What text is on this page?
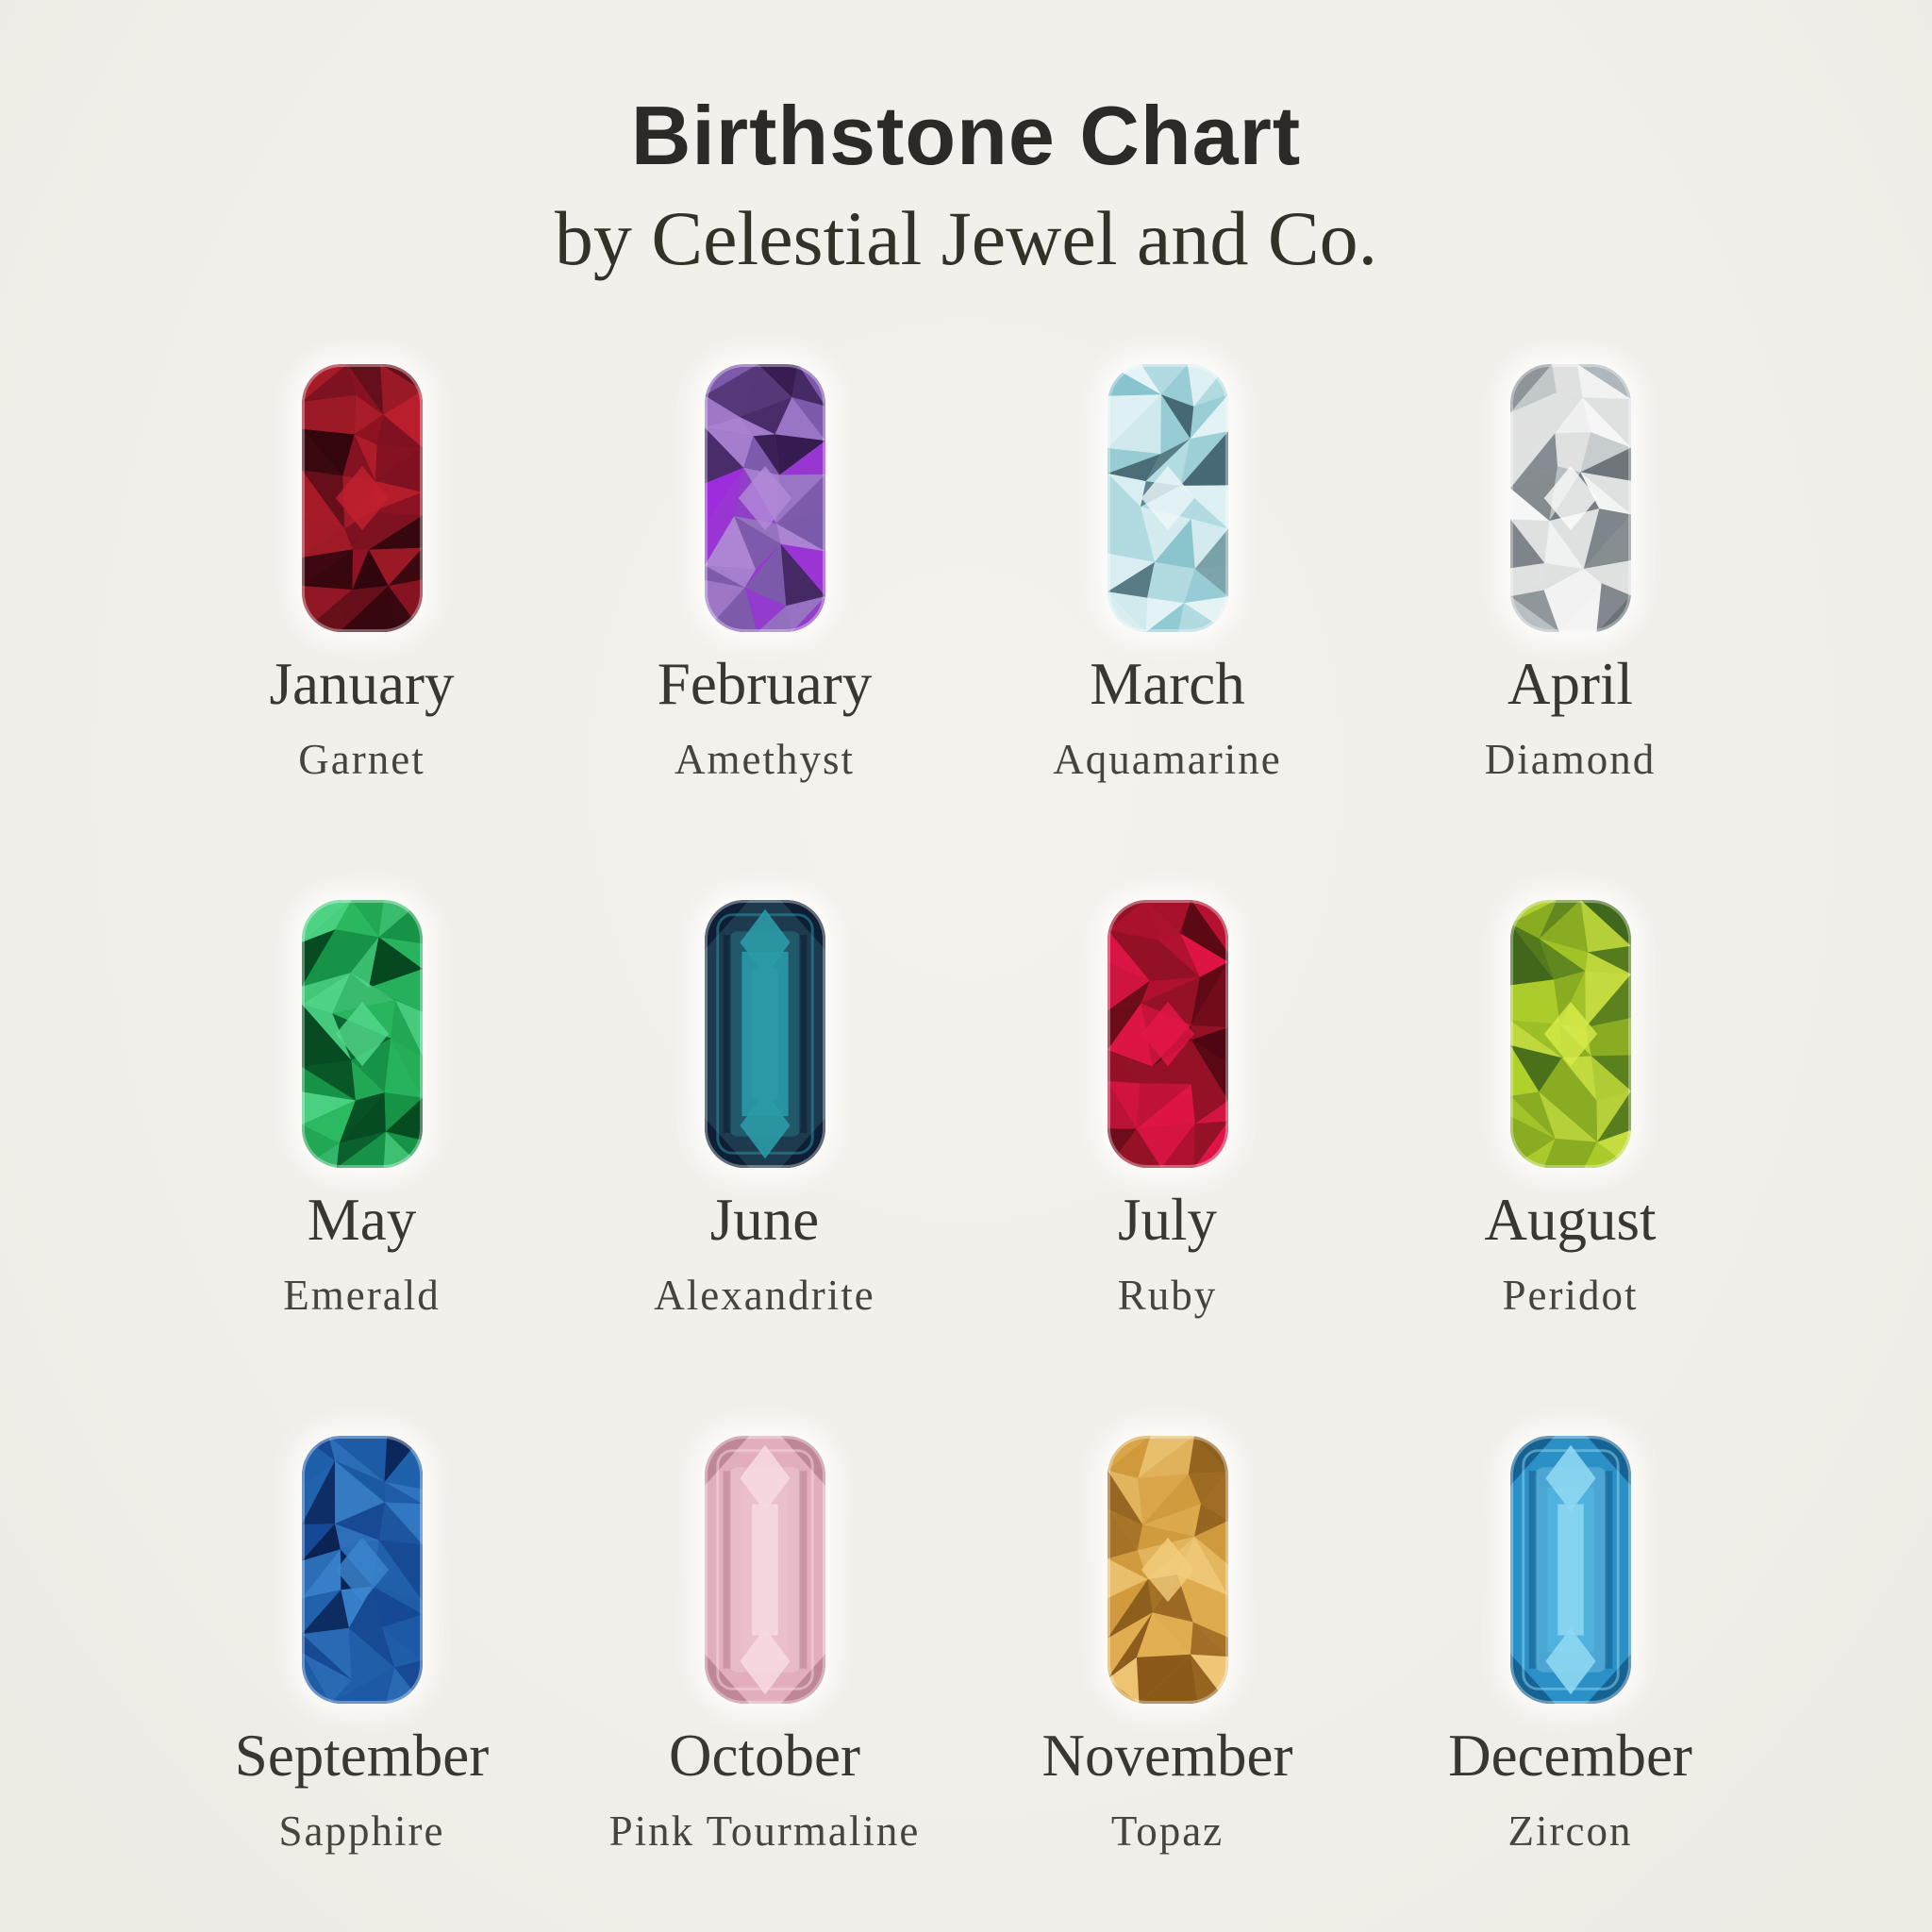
Birthstone Chart

by Celestial Jewel and Co.

January
Garnet
February
Amethyst
March
Aquamarine
April
Diamond
May
Emerald
June
Alexandrite
July
Ruby
August
Peridot
September
Sapphire
October
Pink Tourmaline
November
Topaz
December
Zircon
